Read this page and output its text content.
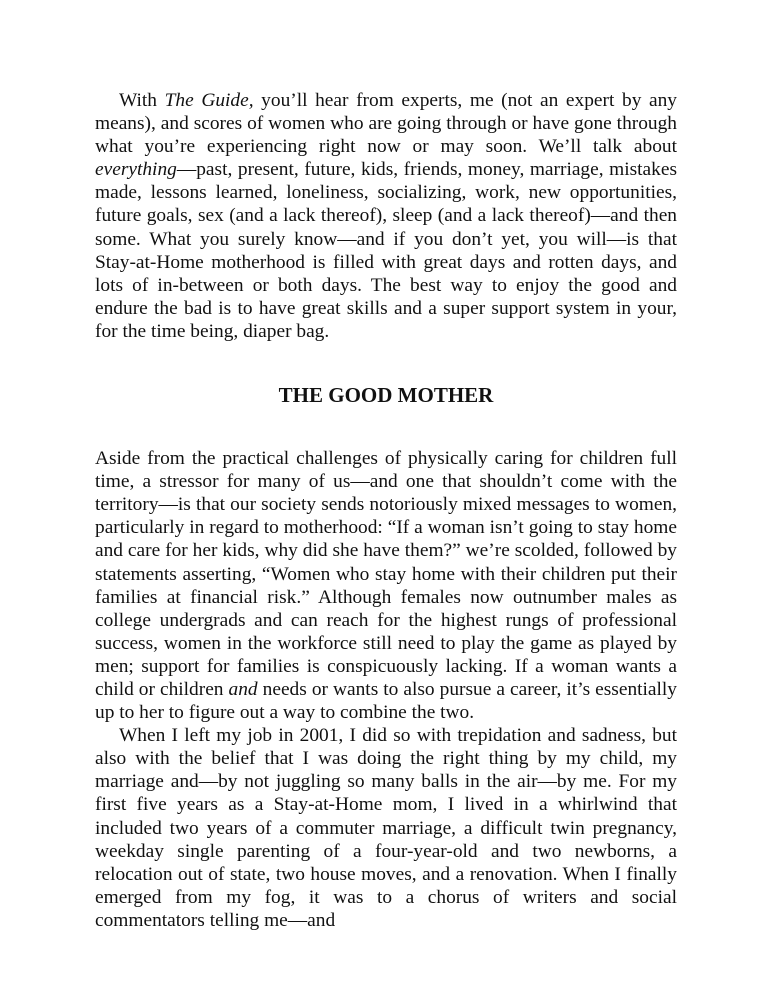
With The Guide, you’ll hear from experts, me (not an expert by any means), and scores of women who are going through or have gone through what you’re experiencing right now or may soon. We’ll talk about everything—past, present, future, kids, friends, money, marriage, mistakes made, lessons learned, loneliness, socializing, work, new opportunities, future goals, sex (and a lack thereof), sleep (and a lack thereof)—and then some. What you surely know—and if you don’t yet, you will—is that Stay-at-Home motherhood is filled with great days and rotten days, and lots of in-between or both days. The best way to enjoy the good and endure the bad is to have great skills and a super support system in your, for the time being, diaper bag.

THE GOOD MOTHER

Aside from the practical challenges of physically caring for children full time, a stressor for many of us—and one that shouldn’t come with the territory—is that our society sends notoriously mixed messages to women, particularly in regard to motherhood: “If a woman isn’t going to stay home and care for her kids, why did she have them?” we’re scolded, followed by statements asserting, “Women who stay home with their children put their families at financial risk.” Although females now outnumber males as college undergrads and can reach for the highest rungs of professional success, women in the workforce still need to play the game as played by men; support for families is conspicuously lacking. If a woman wants a child or children and needs or wants to also pursue a career, it’s essentially up to her to figure out a way to combine the two.

When I left my job in 2001, I did so with trepidation and sadness, but also with the belief that I was doing the right thing by my child, my marriage and—by not juggling so many balls in the air—by me. For my first five years as a Stay-at-Home mom, I lived in a whirlwind that included two years of a commuter marriage, a difficult twin pregnancy, weekday single parenting of a four-year-old and two newborns, a relocation out of state, two house moves, and a renovation. When I finally emerged from my fog, it was to a chorus of writers and social commentators telling me—and
